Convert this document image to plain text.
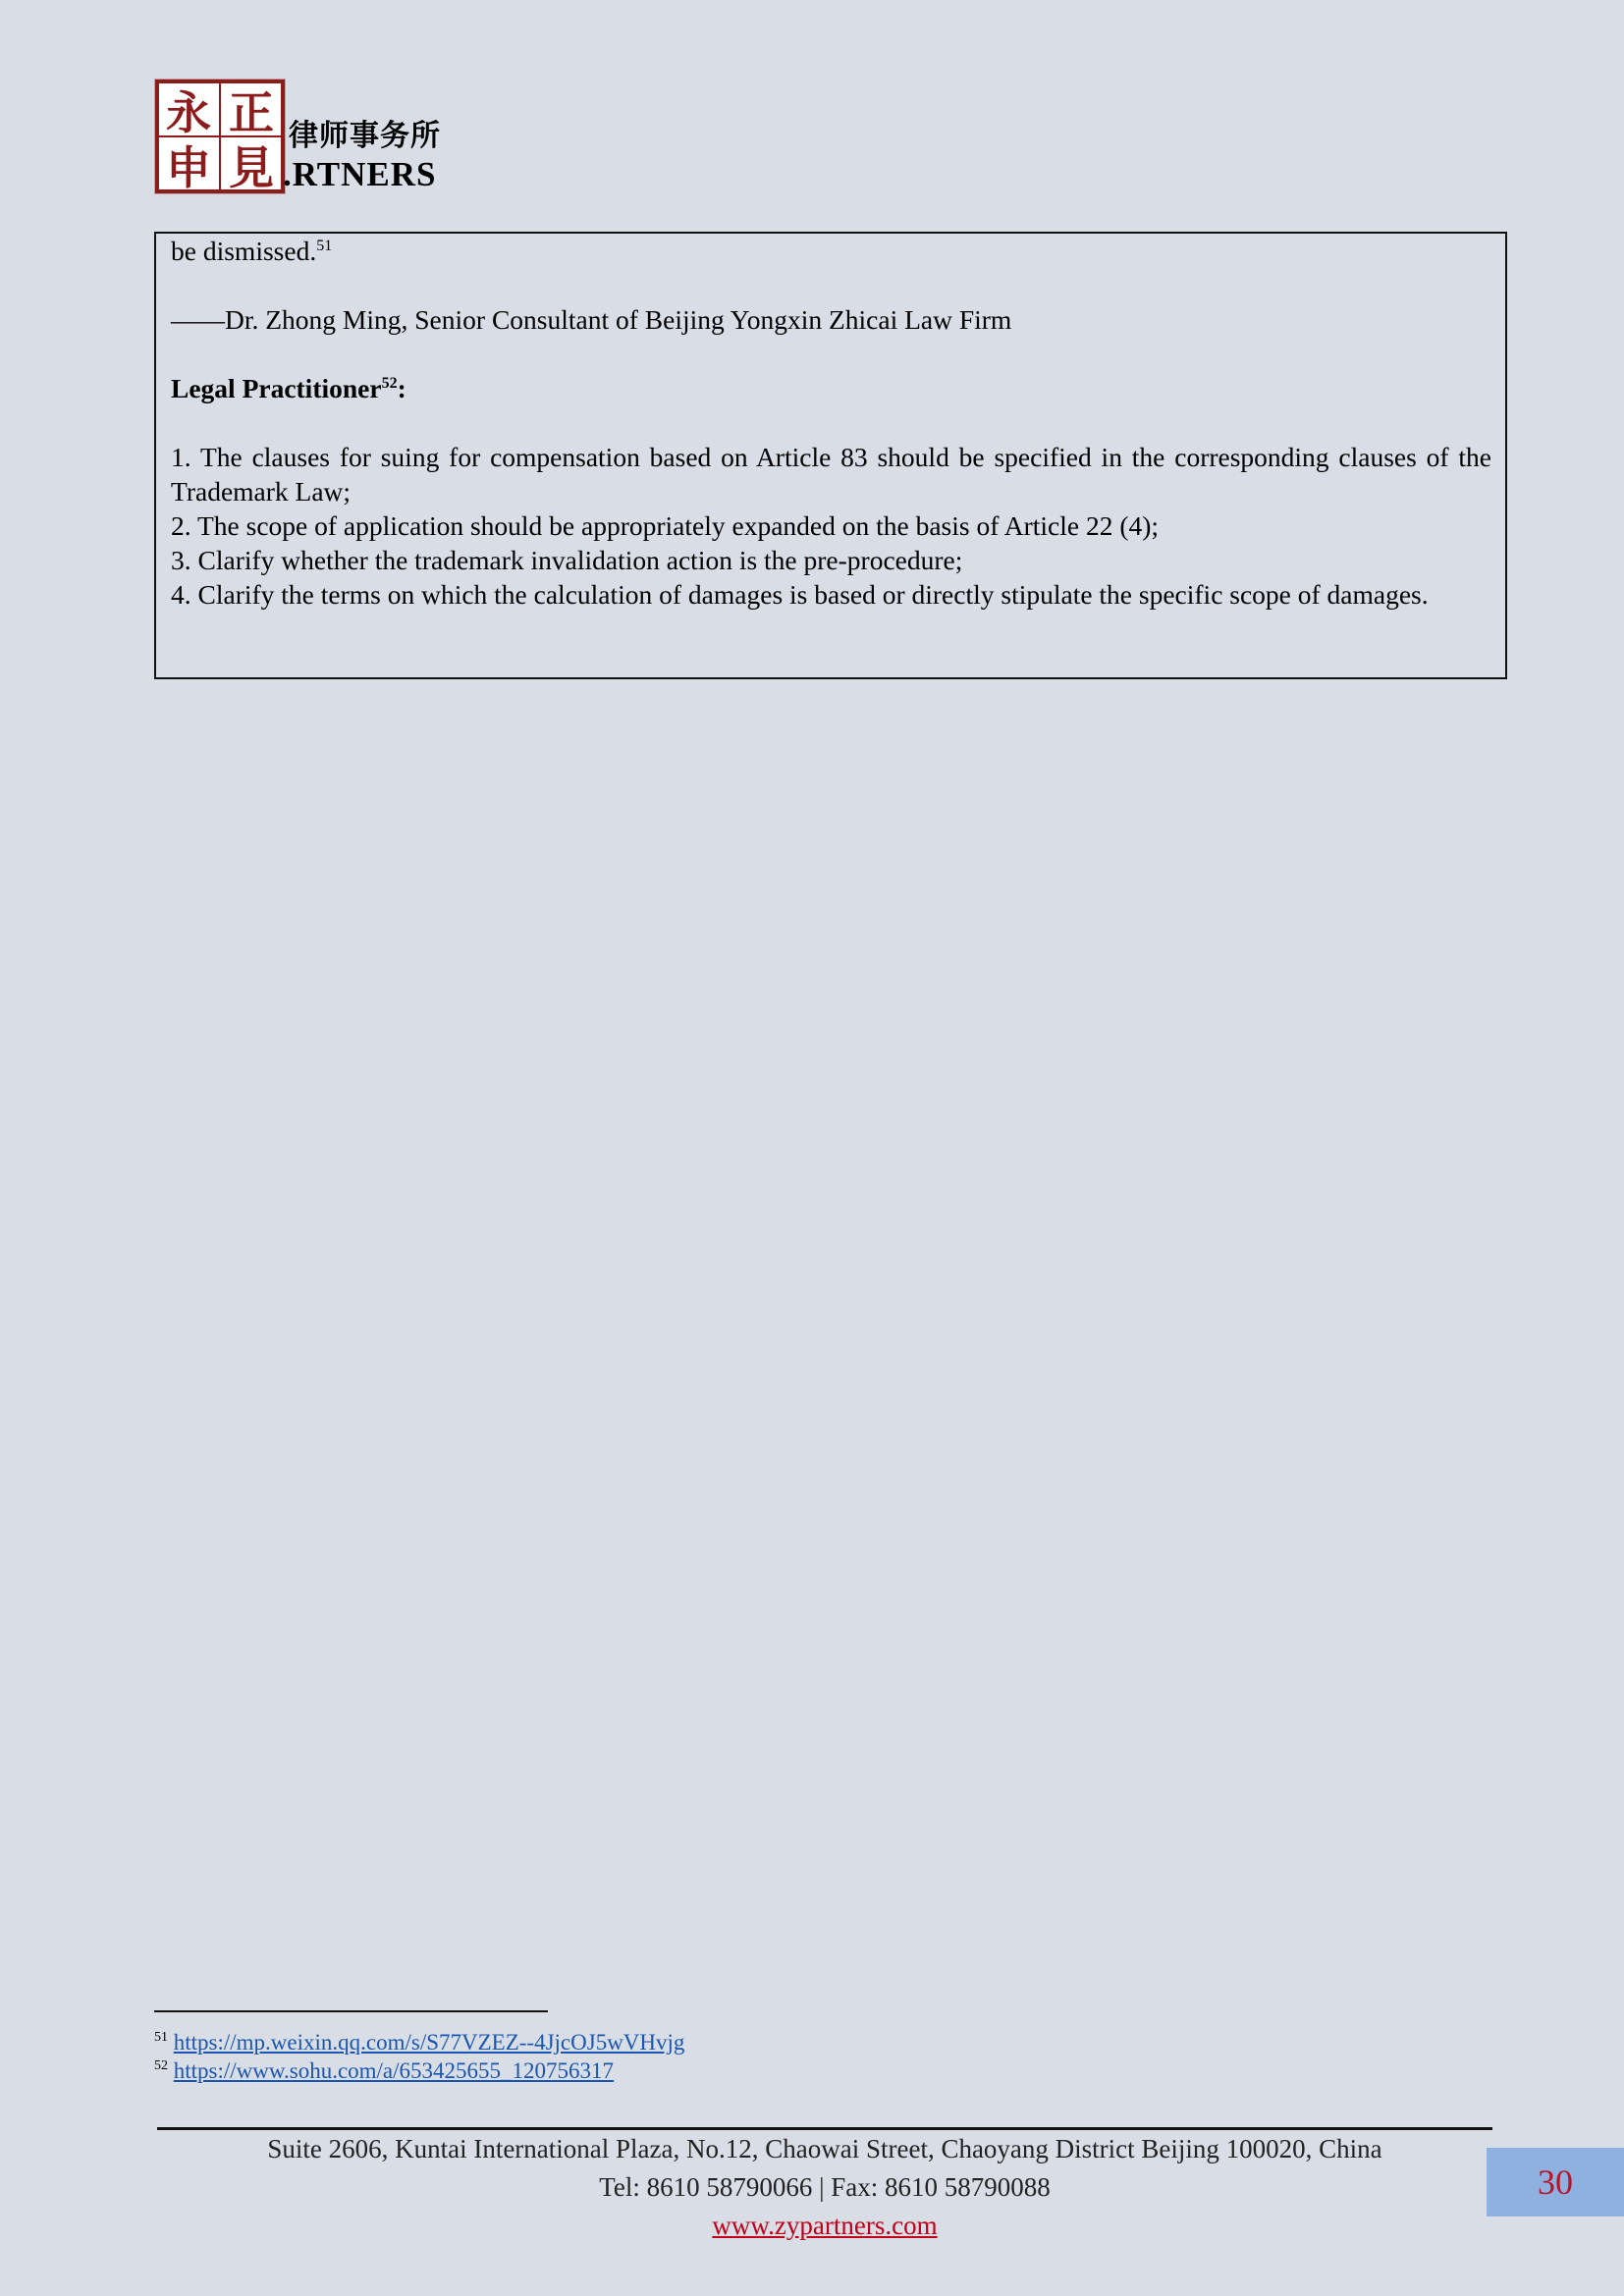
正
見
永
申
律师事务所
.RTNERS

be dismissed.$^{51}$

——Dr. Zhong Ming, Senior Consultant of Beijing Yongxin Zhicai Law Firm

Legal Practitioner$^{52}$:

1. The clauses for suing for compensation based on Article 83 should be specified in the corresponding clauses of the Trademark Law;

2. The scope of application should be appropriately expanded on the basis of Article 22 (4);

3. Clarify whether the trademark invalidation action is the pre-procedure;

4. Clarify the terms on which the calculation of damages is based or directly stipulate the specific scope of damages.

$^{51}$ https://mp.weixin.qq.com/s/S77VZEZ--4JjcOJ5wVHvjg
$^{52}$ https://www.sohu.com/a/653425655_120756317
Suite 2606, Kuntai International Plaza, No.12, Chaowai Street, Chaoyang District Beijing 100020, China
Tel: 8610 58790066 | Fax: 8610 58790088
www.zypartners.com
30
